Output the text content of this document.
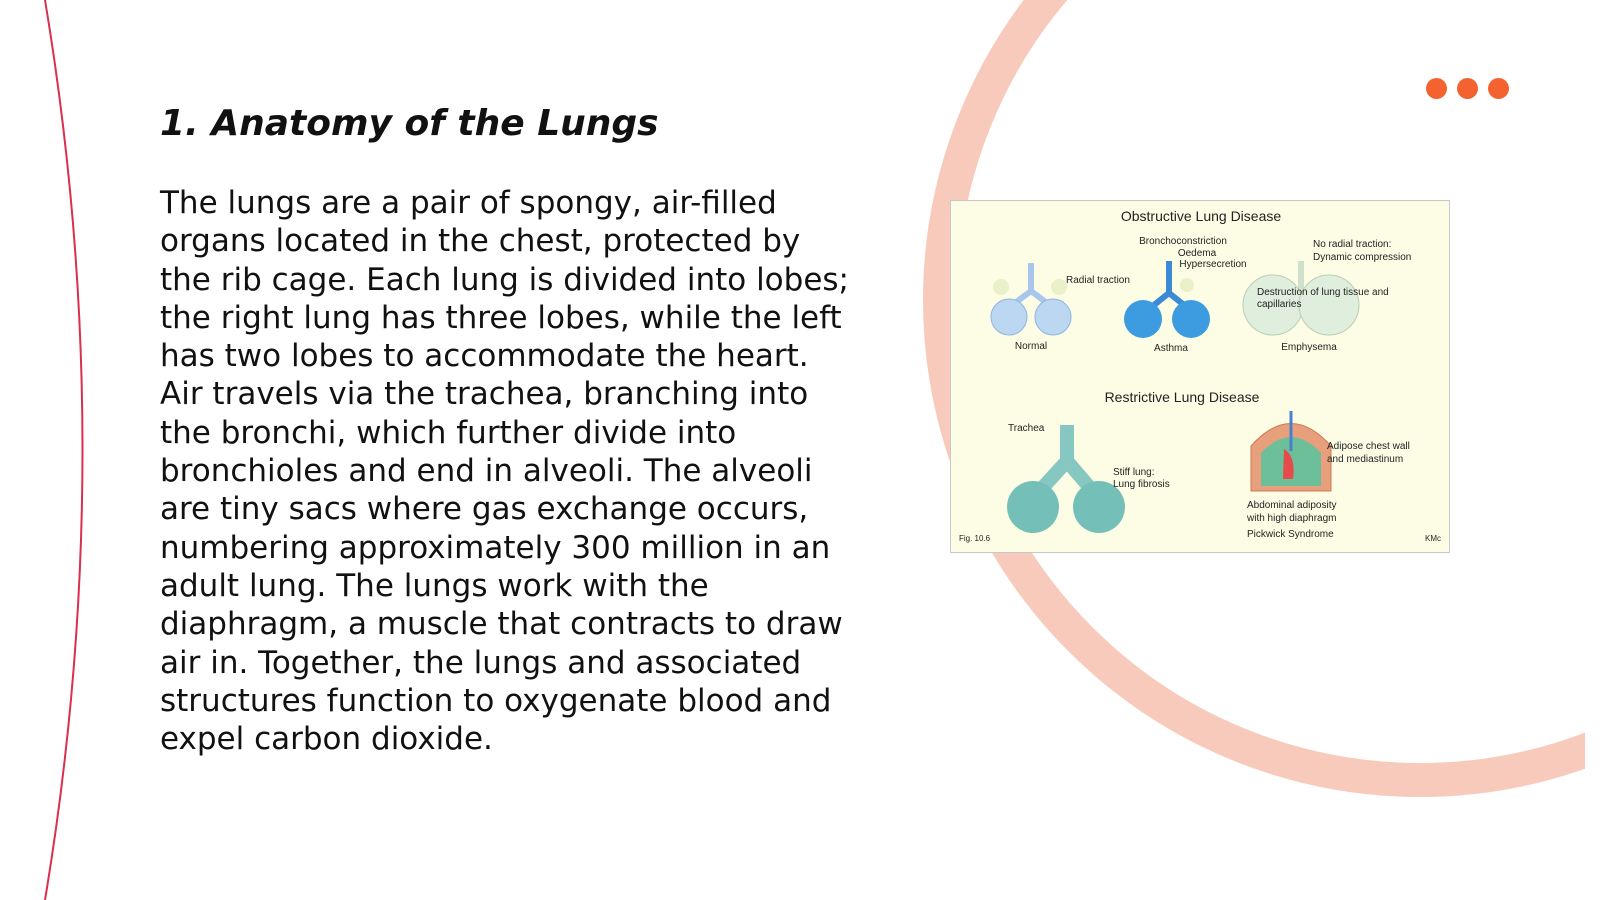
1. Anatomy of the Lungs

The lungs are a pair of spongy, air-filled organs located in the chest, protected by the rib cage. Each lung is divided into lobes; the right lung has three lobes, while the left has two lobes to accommodate the heart. Air travels via the trachea, branching into the bronchi, which further divide into bronchioles and end in alveoli. The alveoli are tiny sacs where gas exchange occurs, numbering approximately 300 million in an adult lung. The lungs work with the diaphragm, a muscle that contracts to draw air in. Together, the lungs and associated structures function to oxygenate blood and expel carbon dioxide.

Obstructive Lung Disease
Normal
Radial traction
Bronchoconstriction
Oedema
Hypersecretion
Asthma
No radial traction:
Dynamic compression
Destruction of lung tissue and
capillaries
Emphysema
Restrictive Lung Disease
Trachea
Stiff lung:
Lung fibrosis
Adipose chest wall
and mediastinum
Abdominal adiposity
with high diaphragm
Pickwick Syndrome
Fig. 10.6	KMc
